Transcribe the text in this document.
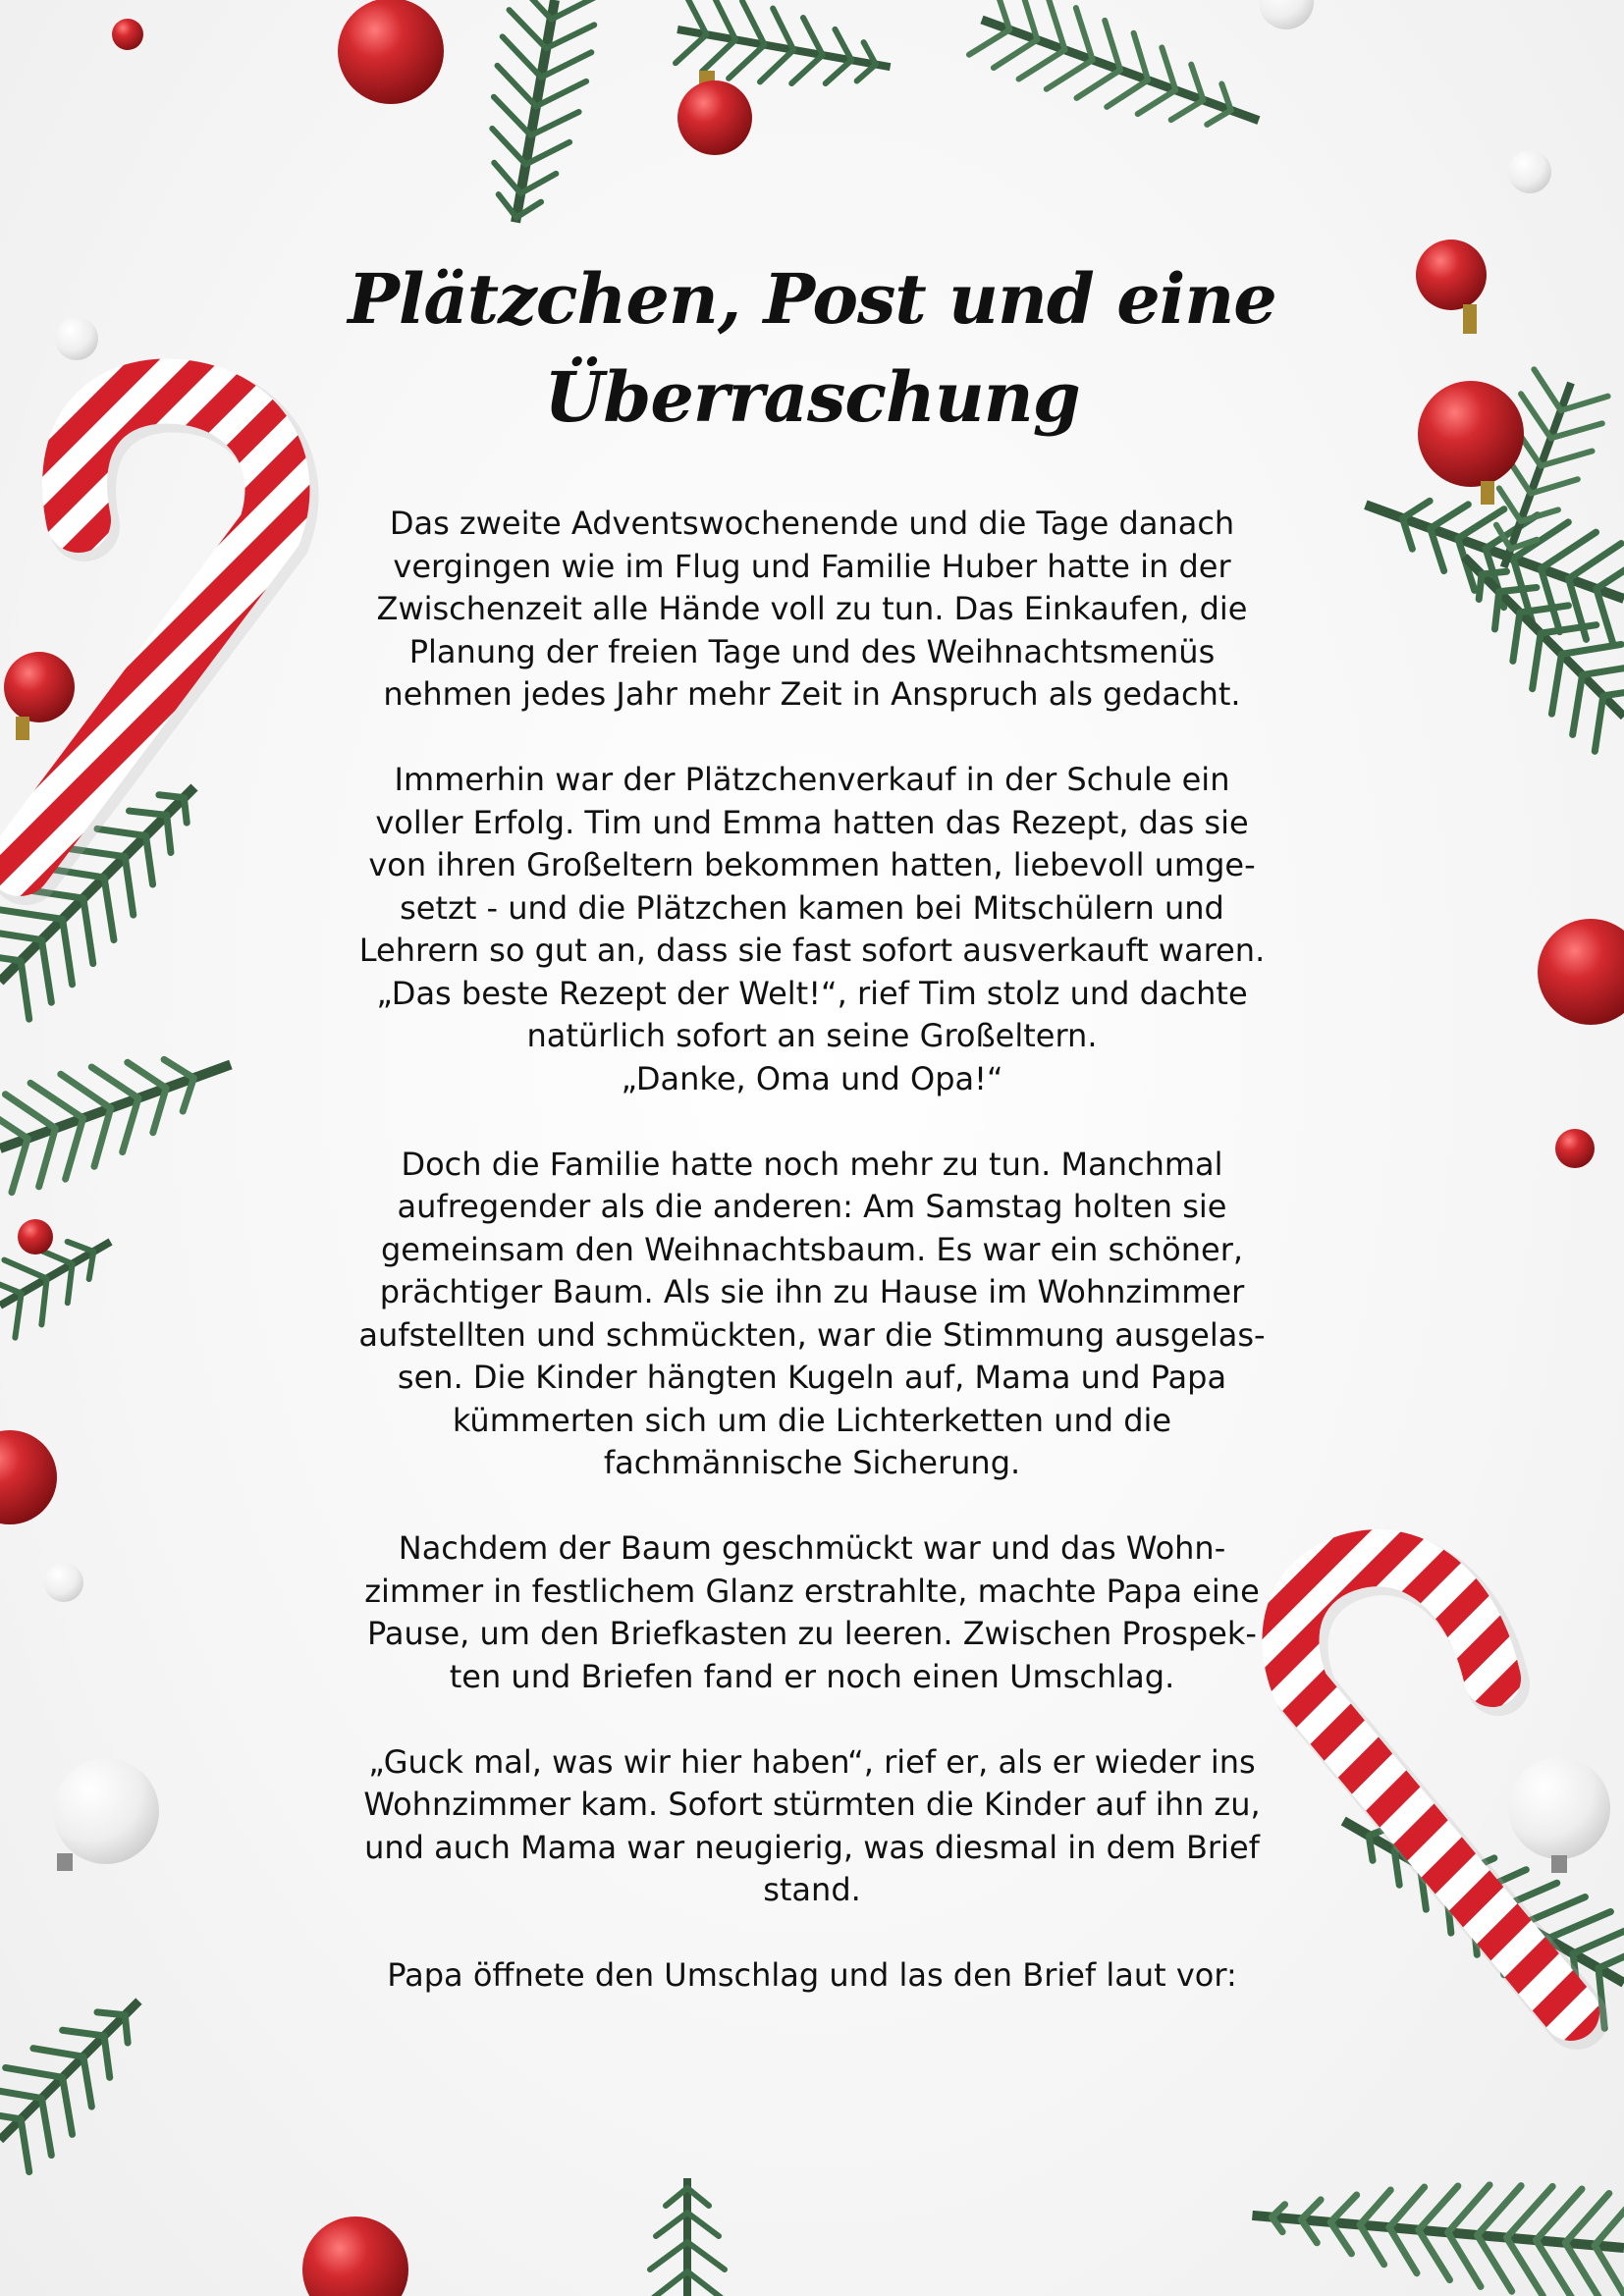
Plätzchen, Post und eine
Überraschung

Das zweite Adventswochenende und die Tage danach
vergingen wie im Flug und Familie Huber hatte in der
Zwischenzeit alle Hände voll zu tun. Das Einkaufen, die
Planung der freien Tage und des Weihnachtsmenüs
nehmen jedes Jahr mehr Zeit in Anspruch als gedacht.

Immerhin war der Plätzchenverkauf in der Schule ein
voller Erfolg. Tim und Emma hatten das Rezept, das sie
von ihren Großeltern bekommen hatten, liebevoll umge-
setzt - und die Plätzchen kamen bei Mitschülern und
Lehrern so gut an, dass sie fast sofort ausverkauft waren.
„Das beste Rezept der Welt!“, rief Tim stolz und dachte
natürlich sofort an seine Großeltern.
„Danke, Oma und Opa!“

Doch die Familie hatte noch mehr zu tun. Manchmal
aufregender als die anderen: Am Samstag holten sie
gemeinsam den Weihnachtsbaum. Es war ein schöner,
prächtiger Baum. Als sie ihn zu Hause im Wohnzimmer
aufstellten und schmückten, war die Stimmung ausgelas-
sen. Die Kinder hängten Kugeln auf, Mama und Papa
kümmerten sich um die Lichterketten und die
fachmännische Sicherung.

Nachdem der Baum geschmückt war und das Wohn-
zimmer in festlichem Glanz erstrahlte, machte Papa eine
Pause, um den Briefkasten zu leeren. Zwischen Prospek-
ten und Briefen fand er noch einen Umschlag.

„Guck mal, was wir hier haben“, rief er, als er wieder ins
Wohnzimmer kam. Sofort stürmten die Kinder auf ihn zu,
und auch Mama war neugierig, was diesmal in dem Brief
stand.

Papa öffnete den Umschlag und las den Brief laut vor:
